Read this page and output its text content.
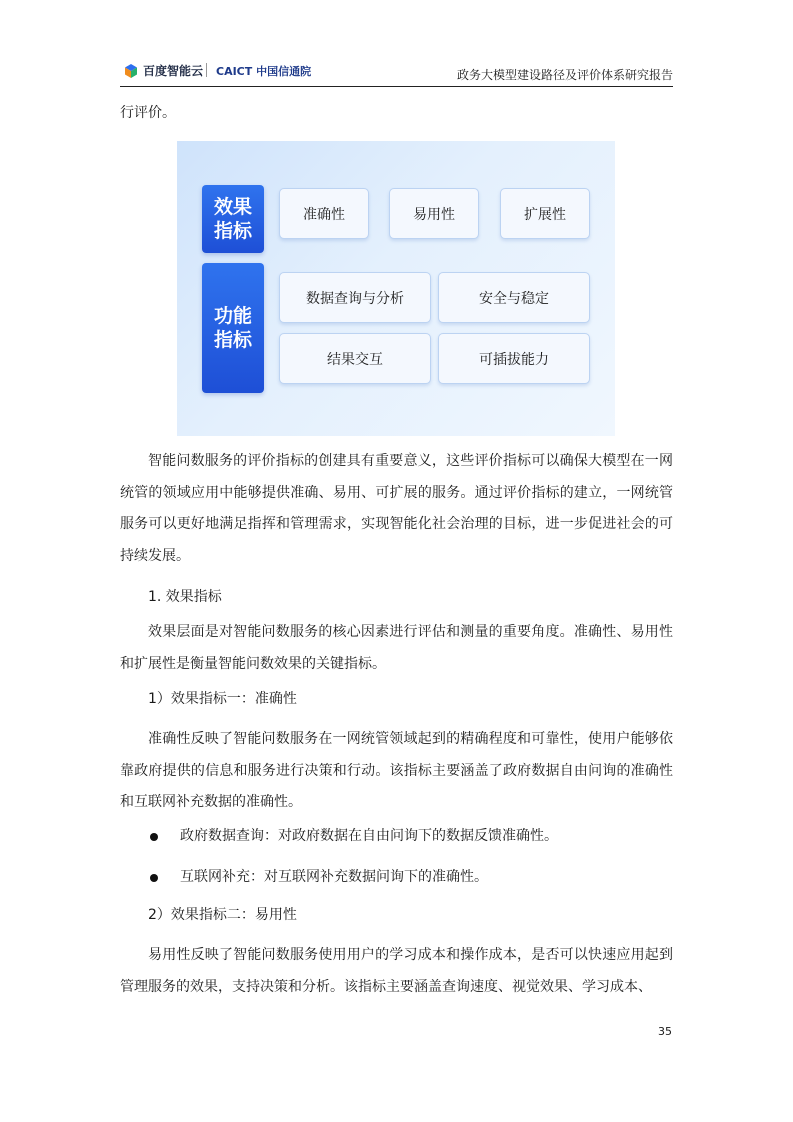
百度智能云 CAICT 中国信通院	政务大模型建设路径及评价体系研究报告
行评价。
效果
指标
功能
指标
准确性	易用性	扩展性
数据查询与分析	安全与稳定
结果交互	可插拔能力
智能问数服务的评价指标的创建具有重要意义，这些评价指标可以确保大模型在一网统管的领域应用中能够提供准确、易用、可扩展的服务。通过评价指标的建立，一网统管服务可以更好地满足指挥和管理需求，实现智能化社会治理的目标，进一步促进社会的可持续发展。
1. 效果指标
效果层面是对智能问数服务的核心因素进行评估和测量的重要角度。准确性、易用性和扩展性是衡量智能问数效果的关键指标。
1）效果指标一：准确性
准确性反映了智能问数服务在一网统管领域起到的精确程度和可靠性，使用户能够依靠政府提供的信息和服务进行决策和行动。该指标主要涵盖了政府数据自由问询的准确性和互联网补充数据的准确性。
政府数据查询：对政府数据在自由问询下的数据反馈准确性。
互联网补充：对互联网补充数据问询下的准确性。
2）效果指标二：易用性
易用性反映了智能问数服务使用用户的学习成本和操作成本，是否可以快速应用起到管理服务的效果，支持决策和分析。该指标主要涵盖查询速度、视觉效果、学习成本、
35
